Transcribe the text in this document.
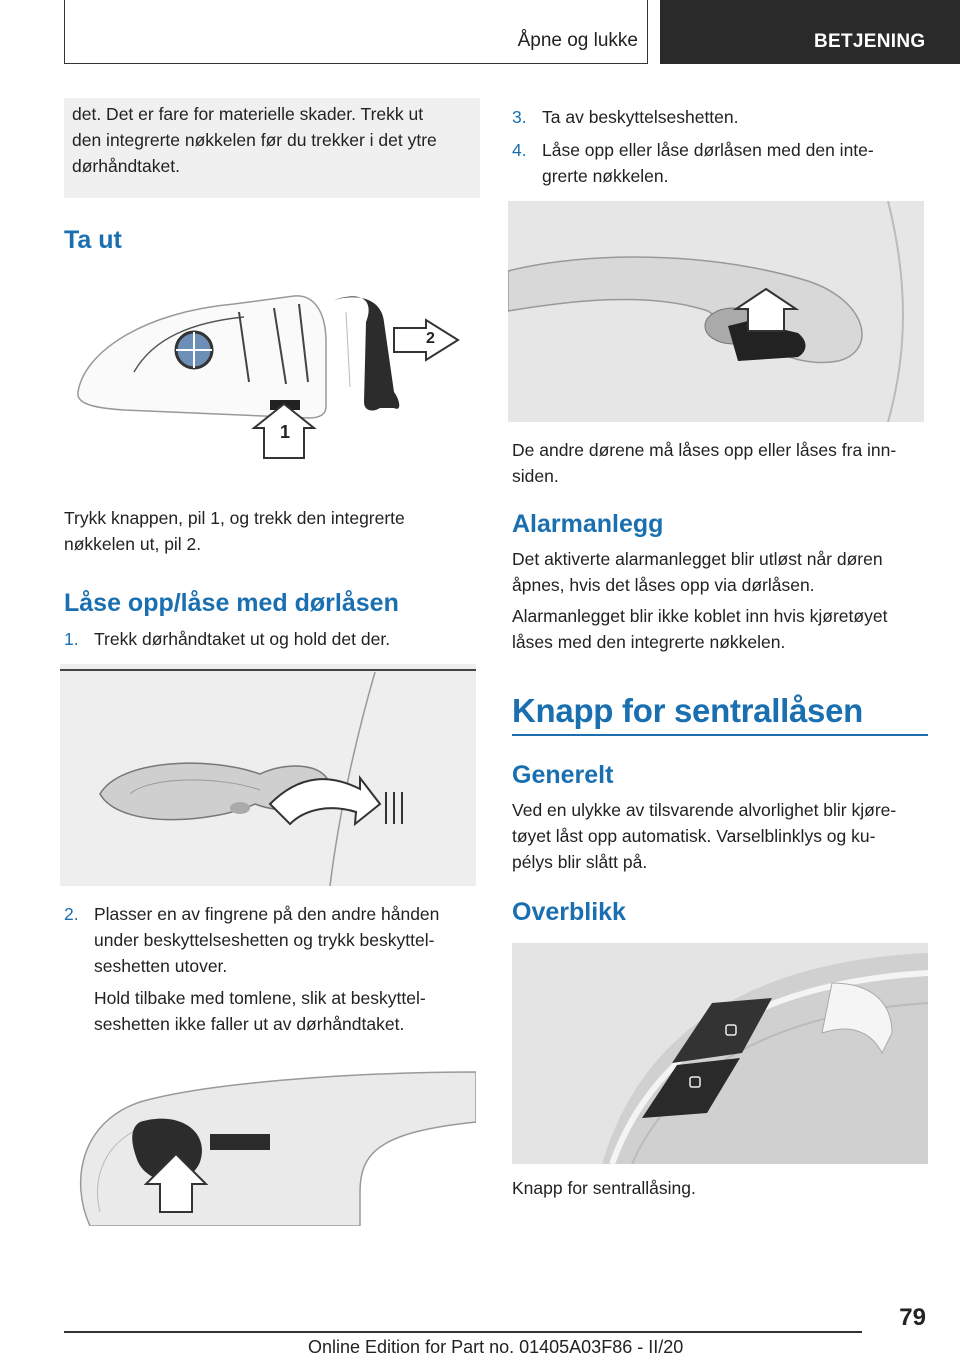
Åpne og lukke	BETJENING

det. Det er fare for materielle skader. Trekk ut

den integrerte nøkkelen før du trekker i det ytre

dørhåndtaket.

Ta ut
2
1

Trykk knappen, pil 1, og trekk den integrerte

nøkkelen ut, pil 2.

Låse opp/låse med dørlåsen
1. Trekk dørhåndtaket ut og hold det der.
2. Plasser en av fingrene på den andre hånden
under beskyttelseshetten og trykk beskyttel-
seshetten utover.

Hold tilbake med tomlene, slik at beskyttel-

seshetten ikke faller ut av dørhåndtaket.

3. Ta av beskyttelseshetten.
4. Låse opp eller låse dørlåsen med den inte-
grerte nøkkelen.

De andre dørene må låses opp eller låses fra inn-

siden.

Alarmanlegg

Det aktiverte alarmanlegget blir utløst når døren

åpnes, hvis det låses opp via dørlåsen.

Alarmanlegget blir ikke koblet inn hvis kjøretøyet

låses med den integrerte nøkkelen.

Knapp for sentrallåsen
Generelt

Ved en ulykke av tilsvarende alvorlighet blir kjøre-

tøyet låst opp automatisk. Varselblinklys og ku-

pélys blir slått på.

Overblikk

Knapp for sentrallåsing.

79
Online Edition for Part no. 01405A03F86 - II/20
